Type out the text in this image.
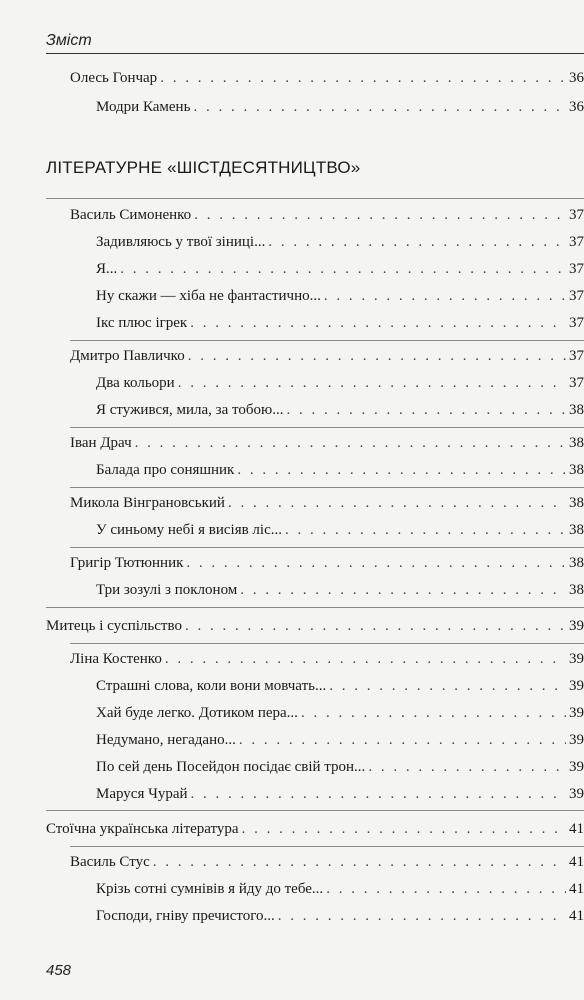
Зміст
Олесь Гончар . . .	36
Модри Камень . . .	36
ЛІТЕРАТУРНЕ «ШІСТДЕСЯТНИЦТВО»
Василь Симоненко . . .	37
Задивляюсь у твої зіниці... . . .	37
Я... . . .	37
Ну скажи — хіба не фантастично... . . .	37
Ікс плюс ігрек . . .	37
Дмитро Павличко . . .	37
Два кольори . . .	37
Я стужився, мила, за тобою... . . .	38
Іван Драч . . .	38
Балада про соняшник . . .	38
Микола Вінграновський . . .	38
У синьому небі я висіяв ліс... . . .	38
Григір Тютюнник . . .	38
Три зозулі з поклоном . . .	38
Митець і суспільство . . .	39
Ліна Костенко . . .	39
Страшні слова, коли вони мовчать... . . .	39
Хай буде легко. Дотиком пера... . . .	39
Недумано, негадано... . . .	39
По сей день Посейдон посідає свій трон... . . .	39
Маруся Чурай . . .	39
Стоїчна українська література . . .	41
Василь Стус . . .	41
Крізь сотні сумнівів я йду до тебе... . . .	41
Господи, гніву пречистого... . . .	41
458
